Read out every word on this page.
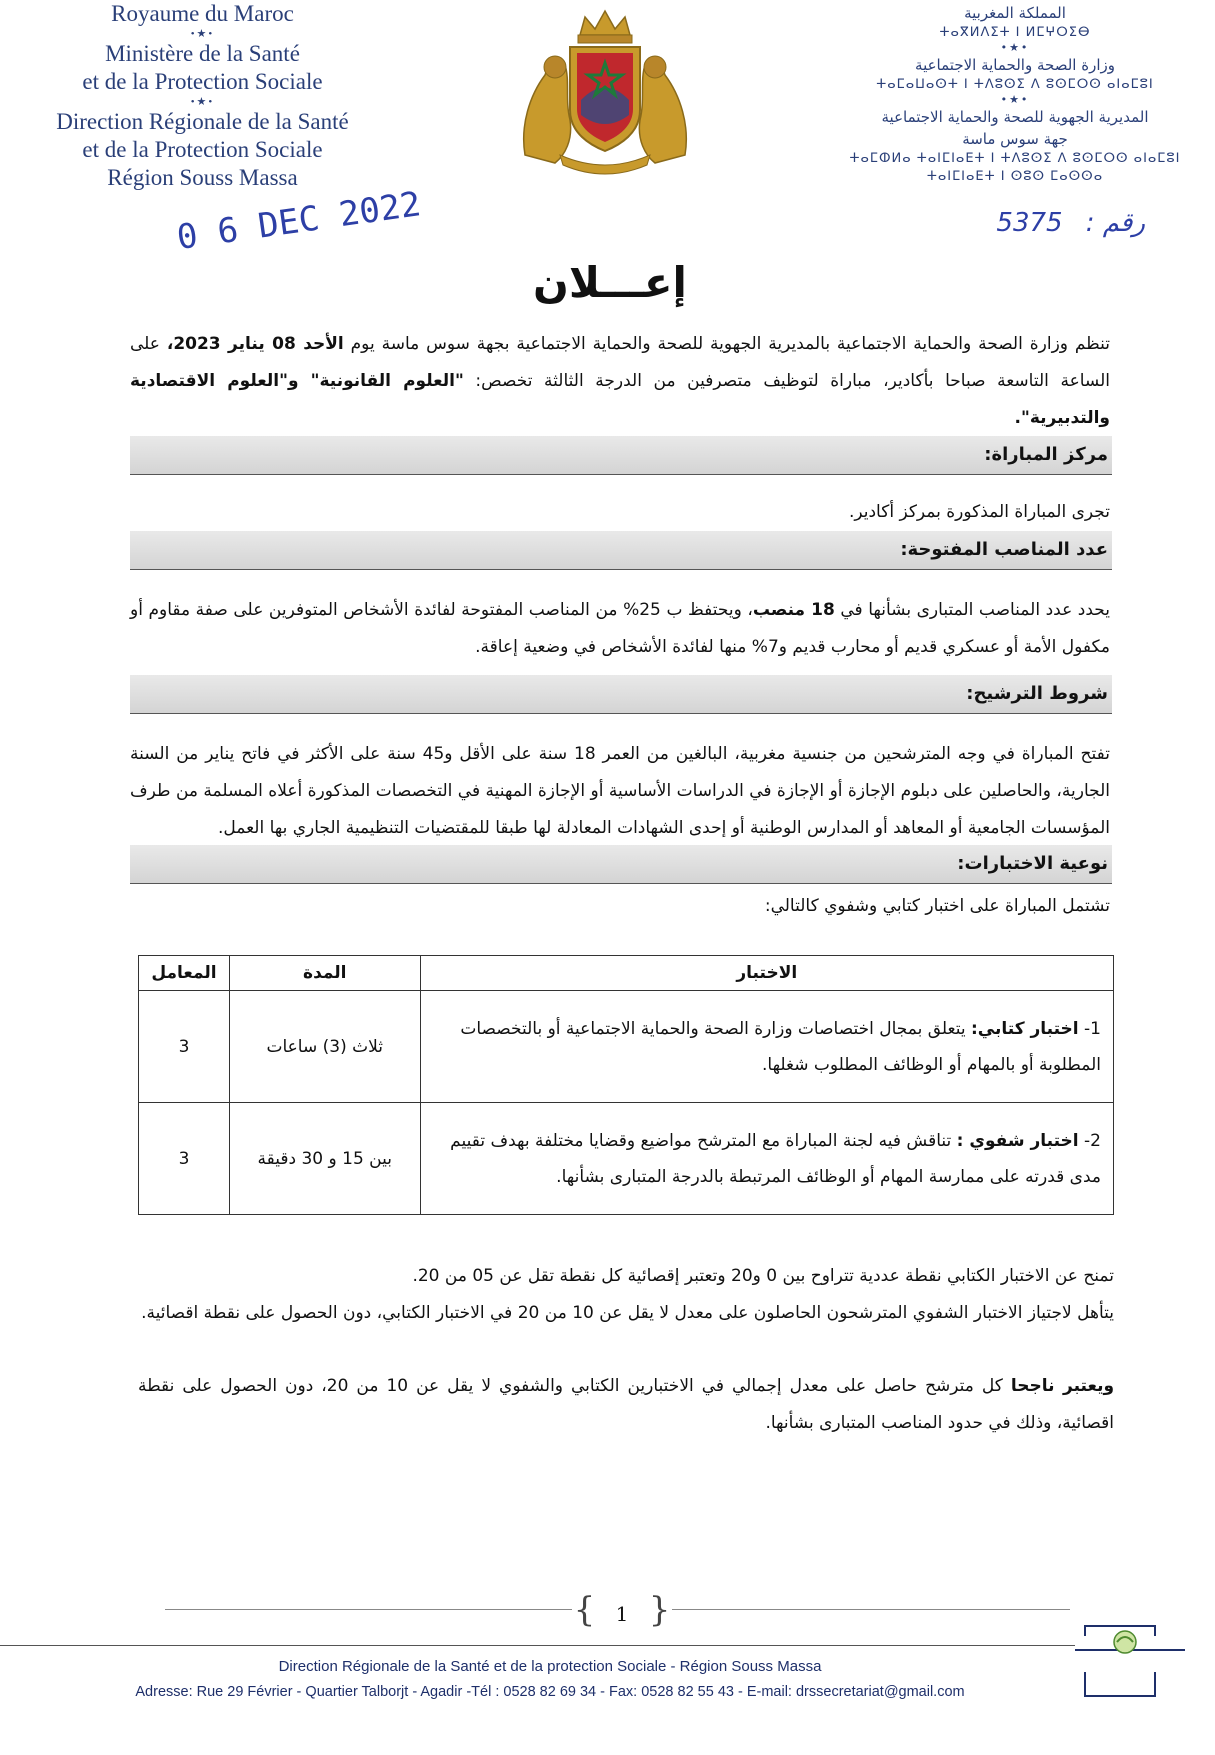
Royaume du Maroc
•★•
Ministère de la Santé
et de la Protection Sociale
•★•
Direction Régionale de la Santé
et de la Protection Sociale
Région Souss Massa
المملكة المغربية
ⵜⴰⴳⵍⴷⵉⵜ ⵏ ⵍⵎⵖⵔⵉⴱ
•★•
وزارة الصحة والحماية الاجتماعية
ⵜⴰⵎⴰⵡⴰⵙⵜ ⵏ ⵜⴷⵓⵙⵉ ⴷ ⵓⵙⵎⵔⵙ ⴰⵏⴰⵎⵓⵏ
•★•
المديرية الجهوية للصحة والحماية الاجتماعية
جهة سوس ماسة
ⵜⴰⵎⵀⵍⴰ ⵜⴰⵏⵎⵏⴰⴹⵜ ⵏ ⵜⴷⵓⵙⵉ ⴷ ⵓⵙⵎⵔⵙ ⴰⵏⴰⵎⵓⵏ
ⵜⴰⵏⵎⵏⴰⴹⵜ ⵏ ⵙⵓⵙ ⵎⴰⵙⵙⴰ
0 6 DEC 2022	رقم : 5375
إعـــلان
تنظم وزارة الصحة والحماية الاجتماعية بالمديرية الجهوية للصحة والحماية الاجتماعية بجهة سوس ماسة يوم الأحد 08 يناير 2023، على الساعة التاسعة صباحا بأكادير، مباراة لتوظيف متصرفين من الدرجة الثالثة تخصص: "العلوم القانونية" و"العلوم الاقتصادية والتدبيرية".
مركز المباراة:
تجرى المباراة المذكورة بمركز أكادير.
عدد المناصب المفتوحة:
يحدد عدد المناصب المتبارى بشأنها في 18 منصب، ويحتفظ ب 25% من المناصب المفتوحة لفائدة الأشخاص المتوفرين على صفة مقاوم أو مكفول الأمة أو عسكري قديم أو محارب قديم و7% منها لفائدة الأشخاص في وضعية إعاقة.
شروط الترشيح:
تفتح المباراة في وجه المترشحين من جنسية مغربية، البالغين من العمر 18 سنة على الأقل و45 سنة على الأكثر في فاتح يناير من السنة الجارية، والحاصلين على دبلوم الإجازة أو الإجازة في الدراسات الأساسية أو الإجازة المهنية في التخصصات المذكورة أعلاه المسلمة من طرف المؤسسات الجامعية أو المعاهد أو المدارس الوطنية أو إحدى الشهادات المعادلة لها طبقا للمقتضيات التنظيمية الجاري بها العمل.
نوعية الاختبارات:
تشتمل المباراة على اختبار كتابي وشفوي كالتالي:
الاختبار	المدة	المعامل
1- اختبار كتابي: يتعلق بمجال اختصاصات وزارة الصحة والحماية الاجتماعية أو بالتخصصات المطلوبة أو بالمهام أو الوظائف المطلوب شغلها.	ثلاث (3) ساعات	3
2- اختبار شفوي : تناقش فيه لجنة المباراة مع المترشح مواضيع وقضايا مختلفة بهدف تقييم مدى قدرته على ممارسة المهام أو الوظائف المرتبطة بالدرجة المتبارى بشأنها.	بين 15 و 30 دقيقة	3
تمنح عن الاختبار الكتابي نقطة عددية تتراوح بين 0 و20 وتعتبر إقصائية كل نقطة تقل عن 05 من 20.
يتأهل لاجتياز الاختبار الشفوي المترشحون الحاصلون على معدل لا يقل عن 10 من 20 في الاختبار الكتابي، دون الحصول على نقطة اقصائية.
ويعتبر ناجحا كل مترشح حاصل على معدل إجمالي في الاختبارين الكتابي والشفوي لا يقل عن 10 من 20، دون الحصول على نقطة اقصائية، وذلك في حدود المناصب المتبارى بشأنها.
{ 1 }
Direction Régionale de la Santé et de la protection Sociale - Région Souss Massa
Adresse: Rue 29 Février - Quartier Talborjt - Agadir -Tél : 0528 82 69 34 - Fax: 0528 82 55 43 - E-mail: drssecretariat@gmail.com
